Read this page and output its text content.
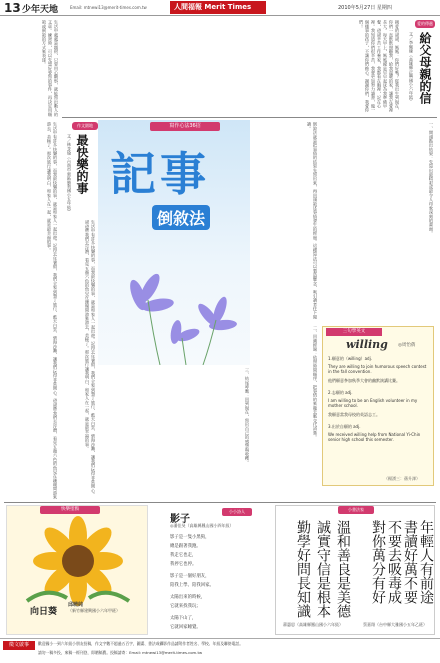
13 少年天地	Email: mtnewi13@merit-times.com.tw	人間福報 Merit Times	2010年5月27日 星期四
生活中處處是題材，只要用心觀察，就能寫出動人的文章。練習時，可以先想好要寫的事件，再決定用順敘或倒敘的方式來表達。	愛的傳遞
給父母親的信
文／李佩臻（高雄縣正興國小六年級）
親愛的爸爸、媽媽：你們好嗎？從我出生到現在，你們一直默默照顧我，給我溫暖的家，讓我在愛裡長大。每天早上，媽媽總是早早起床為我準備早餐，爸爸辛苦工作養家，我都看在眼裡，記在心裡。我知道你們很辛苦，我會更加努力讀書，做一個懂事的孩子，不讓你們擔心。謝謝你們，我愛你們！
作文園地
最快樂的事
文／林芝瑜（台南市東區勝利國小五年級）
生活中有許多快樂的事，而我最快樂的事，就是和家人一起出遊。記得去年暑假，我們全家到墾丁旅行，藍天白雲、碧海沙灘，讓我們玩得非常開心。爸爸帶我們去浮潛，看見五顏六色的魚兒在珊瑚間游來游去，美極了。那次旅行讓我明白，和家人在一起，就是最幸福的事。
生活中有許多快樂的事，而我最快樂的事，就是和家人一起出遊。記得去年暑假，我們全家到墾丁旅行，藍天白雲、碧海沙灘，讓我們玩得非常開心。爸爸帶我們去浮潛，看見五顏六色的魚兒在珊瑚間游來游去，美極了。那次旅行讓我明白，和家人在一起，就是最幸福的事。
寫作心法36招
記事
倒敘法	倒敘法就是把事情的結果先寫出來，再回頭敘述事情發生的經過。這種寫法可以製造懸念，吸引讀者往下閱讀。	一、開頭點出結果：先寫出最精彩或最令人印象深刻的畫面。
二、回溯經過：依照時間順序，把事情的來龍去脈交代清楚。
三、結尾呼應：回到現在，寫出自己的感想與收穫。
三句學英文
willing ◎周怡蒨
1.願意的（willing）adj.
They are willing to join humorous speech contest in the fall convention.
他們願意參加秋季大會的幽默演講比賽。
2.志願的 adj.
I am willing to be an English volunteer in my mother school.
我願意當我母校的英語志工。
3.出於自願的 adj.
We received willing help from National Yi-Chin senior high school this semester.
（楊湧三：蒨升澤）
快樂塗鴉
向日葵
邱曉純
（新竹縣建興國小六年甲班）
影子
小小詩人
◎潘佳旻（高雄縣鳳山國小四年級）
影子是一隻小黑狗，
總是跟著我跑。
我走它也走，
我停它也停。
影子是一個好朋友，
陪我上學、陪我回家。
太陽出來的時候，
它就來找我玩；
太陽下山了，
它就回家睡覺。
小書法家
年輕人有前途
書讀好萬不要
不要去吸毒成
對你萬分有好
溫和善良是美德
誠實守信是根本
勤學好問長知識
蔣惠思（高雄縣鳳山國小六年級）	蔡嘉翔（台中縣大雅國小五年乙班）
徵文啟事	歡迎國小一到六年級小朋友投稿，作文字數不超過五百字，圖畫、書法或攝影作品請附作者姓名、學校、年級及聯絡電話。
請勿一稿多投，來稿一經刊登，即贈稿費。投稿請寄：Email: mtnewi13@merit-times.com.tw
